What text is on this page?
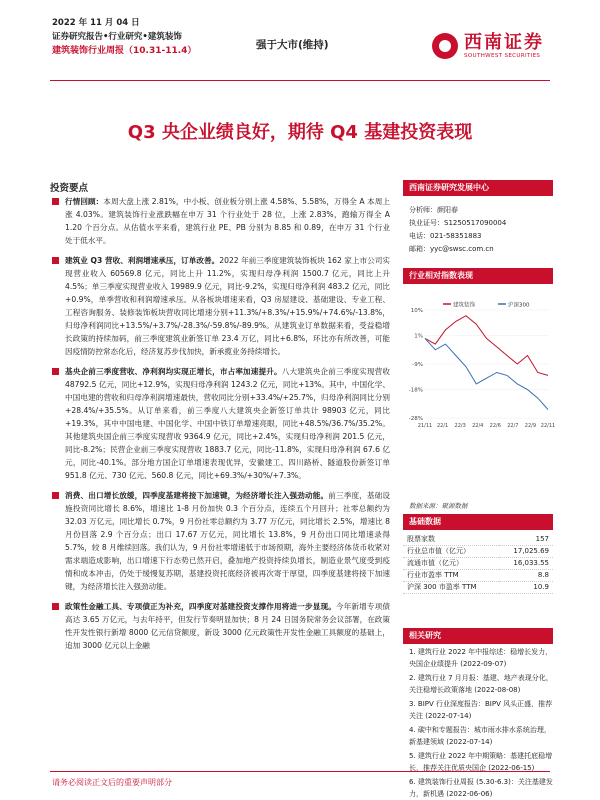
2022 年 11 月 04 日
证券研究报告•行业研究•建筑装饰
建筑装饰行业周报（10.31-11.4）	强于大市(维持)	西南证券
SOUTHWEST SECURITIES
Q3 央企业绩良好，期待 Q4 基建投资表现
投资要点
行情回顾：本周大盘上涨 2.81%，中小板、创业板分别上涨 4.58%、5.58%，万得全 A 本周上涨 4.03%。建筑装饰行业涨跌幅在申万 31 个行业处于 28 位，上涨 2.83%，跑输万得全 A 1.20 个百分点。从估值水平来看，建筑行业 PE、PB 分别为 8.85 和 0.89，在申万 31 个行业处于低水平。
建筑业 Q3 营收、利润增速承压，订单改善。2022 年前三季度建筑装饰板块 162 家上市公司实现营业收入 60569.8 亿元，同比上升 11.2%，实现归母净利润 1500.7 亿元，同比上升 4.5%；单三季度实现营业收入 19989.9 亿元，同比-9.2%，实现归母净利润 483.2 亿元，同比+0.9%，单季营收和利润增速承压。从各板块增速来看，Q3 房屋建设、基础建设、专业工程、工程咨询服务、装修装饰板块营收同比增速分别+11.3%/+8.3%/+15.9%/+74.6%/-13.8%，归母净利润同比+13.5%/+3.7%/-28.3%/-59.8%/-89.9%。从建筑业订单数据来看，受益稳增长政策的持续加码，前三季度建筑业新签订单 23.4 万亿，同比+6.8%，环比亦有所改善，可能因疫情防控常态化后，经济复苏步伐加快，新承揽业务持续增长。
基央企前三季度营收、净利润均实现正增长，市占率加速提升。八大建筑央企前三季度实现营收 48792.5 亿元，同比+12.9%，实现归母净利润 1243.2 亿元，同比+13%。其中，中国化学、中国电建的营收和归母净利润增速最快，营收同比分别+33.4%/+25.7%，归母净利润同比分别+28.4%/+35.5%。从订单来看，前三季度八大建筑央企新签订单共计 98903 亿元，同比+19.3%，其中中国电建、中国化学、中国中铁订单增速亮眼，同比+48.5%/36.7%/35.2%。其他建筑央国企前三季度实现营收 9364.9 亿元，同比+2.4%，实现归母净利润 201.5 亿元，同比-8.2%；民营企业前三季度实现营收 1883.7 亿元，同比-11.8%，实现归母净利润 67.6 亿元，同比-40.1%。部分地方国企订单增速表现优异，安徽建工、四川路桥、隧道股份新签订单 951.8 亿元、730 亿元、560.8 亿元，同比+69.3%/+30%/+7.3%。
消费、出口增长放缓，四季度基建将接下加速键，为经济增长注入强劲动能。前三季度，基础设施投资同比增长 8.6%，增速比 1-8 月份加快 0.3 个百分点，连续五个月回升；社零总额约为 32.03 万亿元，同比增长 0.7%，9 月份社零总额约为 3.77 万亿元，同比增长 2.5%，增速比 8 月份回落 2.9 个百分点；出口 17.67 万亿元，同比增长 13.8%，9 月份出口同比增速录得 5.7%，较 8 月维续回落。我们认为，9 月份社零增速低于市场预期，海外主要经济体货币收紧对需求端造成影响，出口增速下行态势已然开启，叠加地产投资持续负增长，制造业景气度受到疫情和成本冲击，仍处于缓慢复苏期，基建投资托底经济被再次寄于厚望，四季度基建将接下加速键，为经济增长注入强劲动能。
政策性金融工具、专项债正为补充，四季度对基建投资支撑作用将进一步显现。今年新增专项债高达 3.65 万亿元，与去年持平，但发行节奏明显加快；8 月 24 日国务院常务会议部署，在政策性开发性银行新增 8000 亿元信贷额度，新设 3000 亿元政策性开发性金融工具额度的基础上，追加 3000 亿元以上金融
西南证券研究发展中心
分析师：颜阳春
执业证号：S1250517090004
电话：021-58351883
邮箱：yyc@swsc.com.cn
行业相对指数表现
建筑装饰	沪深300
10%
1%
-9%
-18%
-28%
21/11 22/1 22/3 22/4 22/6 22/7 22/9 22/11
数据来源：聚源数据
基础数据
股票家数	157
行业总市值（亿元）	17,025.69
流通市值（亿元）	16,033.55
行业市盈率 TTM	8.8
沪深 300 市盈率 TTM	10.9
相关研究
1. 建筑行业 2022 年中报综述：稳增长发力，央国企业绩提升 (2022-09-07)
2. 建筑行业 7 月月报：基建、地产表现分化，关注稳增长政策落地 (2022-08-08)
3. BIPV 行业深度报告：BIPV 风头正盛，推荐关注 (2022-07-14)
4. 碳中和专题报告：城市雨水排水系统治理，新基建领域 (2022-07-14)
5. 建筑行业 2022 年中期策略：基建托底稳增长，推荐关注优质央国企 (2022-06-15)
6. 建筑装饰行业周报 (5.30-6.3)：关注基建发力，新机遇 (2022-06-06)
请务必阅读正文后的重要声明部分
